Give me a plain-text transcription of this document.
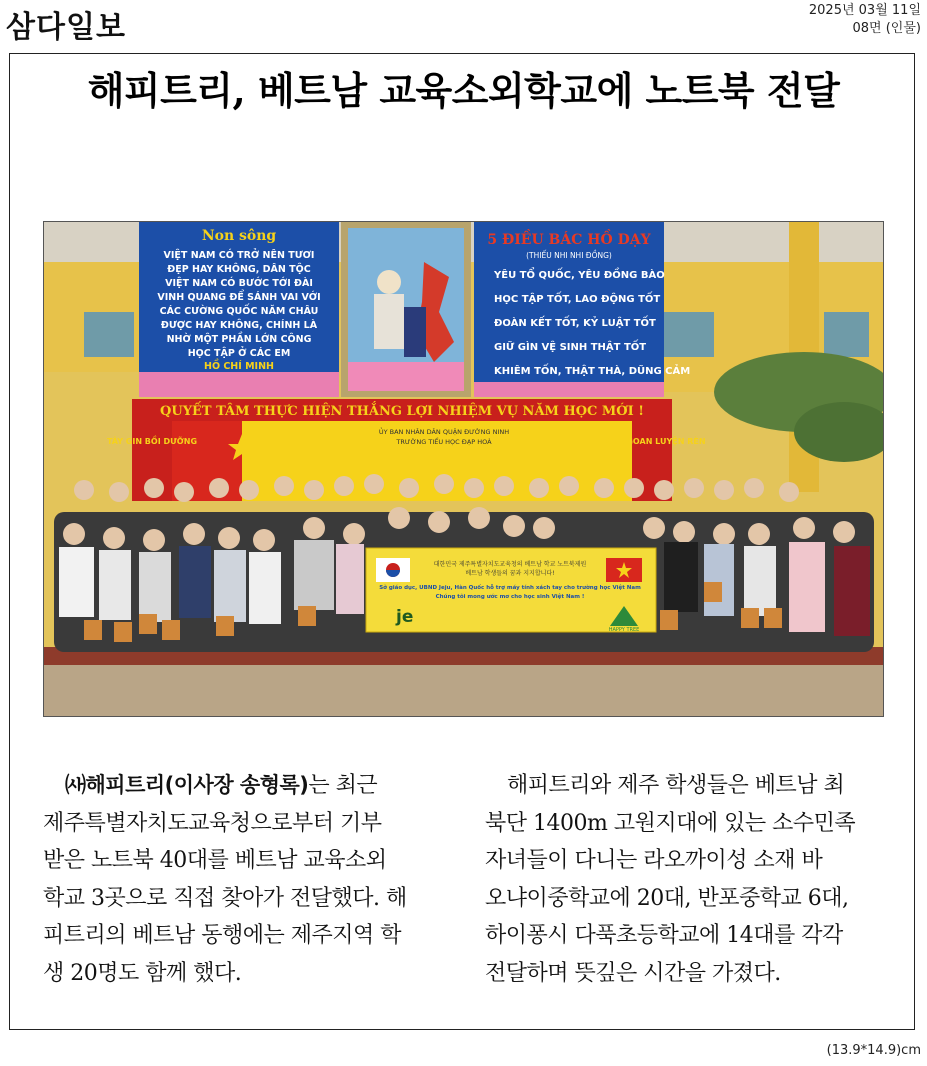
삼다일보	2025년 03월 11일
08면 (인물)
해피트리, 베트남 교육소외학교에 노트북 전달
Non sông
VIỆT NAM CÓ TRỞ NÊN TƯƠI
ĐẸP HAY KHÔNG, DÂN TỘC
VIỆT NAM CÓ BƯỚC TỚI ĐÀI
VINH QUANG ĐỂ SÁNH VAI VỚI
CÁC CƯỜNG QUỐC NĂM CHÂU
ĐƯỢC HAY KHÔNG, CHÍNH LÀ
NHỜ MỘT PHẦN LỚN CÔNG
HỌC TẬP Ở CÁC EM
HỒ CHÍ MINH
5 ĐIỀU BÁC HỒ DẠY
(THIẾU NHI NHI ĐỒNG)
YÊU TỔ QUỐC, YÊU ĐỒNG BÀO
HỌC TẬP TỐT, LAO ĐỘNG TỐT
ĐOÀN KẾT TỐT, KỶ LUẬT TỐT
GIỮ GÌN VỆ SINH THẬT TỐT
KHIÊM TỐN, THẬT THÀ, DŨNG CẢM
QUYẾT TÂM THỰC HIỆN THẮNG LỢI NHIỆM VỤ NĂM HỌC MỚI !
TÂY GIN BỒI DƯỠNG	TRÒ NGOAN LUYỆN RÈN
ỦY BAN NHÂN DÂN QUẬN ĐƯỜNG NINH
TRƯỜNG TIỂU HỌC ĐẠP HOÀ
대한민국 제주특별자치도교육청의 베트남 학교 노트북제원
베트남 학생들의 꿈과 지지합니다!
Sở giáo dục, UBND Jeju, Hàn Quốc hỗ trợ máy tính xách tay cho trường học Việt Nam
Chúng tôi mong ước mơ cho học sinh Việt Nam !
je
HAPPY TREE
㈔해피트리(이사장 송형록)는 최근
제주특별자치도교육청으로부터 기부
받은 노트북 40대를 베트남 교육소외
학교 3곳으로 직접 찾아가 전달했다. 해
피트리의 베트남 동행에는 제주지역 학
생 20명도 함께 했다.
해피트리와 제주 학생들은 베트남 최
북단 1400m 고원지대에 있는 소수민족
자녀들이 다니는 라오까이성 소재 바
오냐이중학교에 20대, 반포중학교 6대,
하이퐁시 다푹초등학교에 14대를 각각
전달하며 뜻깊은 시간을 가졌다.
(13.9*14.9)cm
